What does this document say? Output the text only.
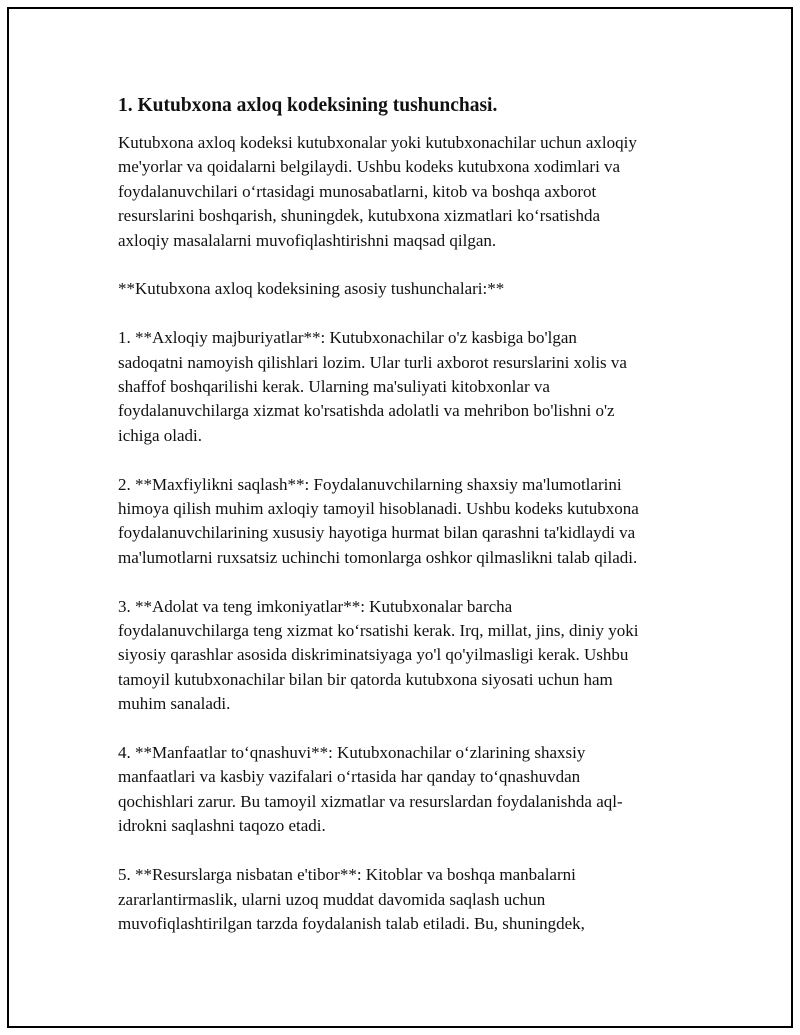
1. Kutubxona axloq kodeksining tushunchasi.

Kutubxona axloq kodeksi kutubxonalar yoki kutubxonachilar uchun axloqiy
me'yorlar va qoidalarni belgilaydi. Ushbu kodeks kutubxona xodimlari va
foydalanuvchilari oʻrtasidagi munosabatlarni, kitob va boshqa axborot
resurslarini boshqarish, shuningdek, kutubxona xizmatlari koʻrsatishda
axloqiy masalalarni muvofiqlashtirishni maqsad qilgan.

**Kutubxona axloq kodeksining asosiy tushunchalari:**

1. **Axloqiy majburiyatlar**: Kutubxonachilar o'z kasbiga bo'lgan
sadoqatni namoyish qilishlari lozim. Ular turli axborot resurslarini xolis va
shaffof boshqarilishi kerak. Ularning ma'suliyati kitobxonlar va
foydalanuvchilarga xizmat ko'rsatishda adolatli va mehribon bo'lishni o'z
ichiga oladi.

2. **Maxfiylikni saqlash**: Foydalanuvchilarning shaxsiy ma'lumotlarini
himoya qilish muhim axloqiy tamoyil hisoblanadi. Ushbu kodeks kutubxona
foydalanuvchilarining xususiy hayotiga hurmat bilan qarashni ta'kidlaydi va
ma'lumotlarni ruxsatsiz uchinchi tomonlarga oshkor qilmaslikni talab qiladi.

3. **Adolat va teng imkoniyatlar**: Kutubxonalar barcha
foydalanuvchilarga teng xizmat koʻrsatishi kerak. Irq, millat, jins, diniy yoki
siyosiy qarashlar asosida diskriminatsiyaga yo'l qo'yilmasligi kerak. Ushbu
tamoyil kutubxonachilar bilan bir qatorda kutubxona siyosati uchun ham
muhim sanaladi.

4. **Manfaatlar toʻqnashuvi**: Kutubxonachilar oʻzlarining shaxsiy
manfaatlari va kasbiy vazifalari oʻrtasida har qanday toʻqnashuvdan
qochishlari zarur. Bu tamoyil xizmatlar va resurslardan foydalanishda aql-
idrokni saqlashni taqozo etadi.

5. **Resurslarga nisbatan e'tibor**: Kitoblar va boshqa manbalarni
zararlantirmaslik, ularni uzoq muddat davomida saqlash uchun
muvofiqlashtirilgan tarzda foydalanish talab etiladi. Bu, shuningdek,
